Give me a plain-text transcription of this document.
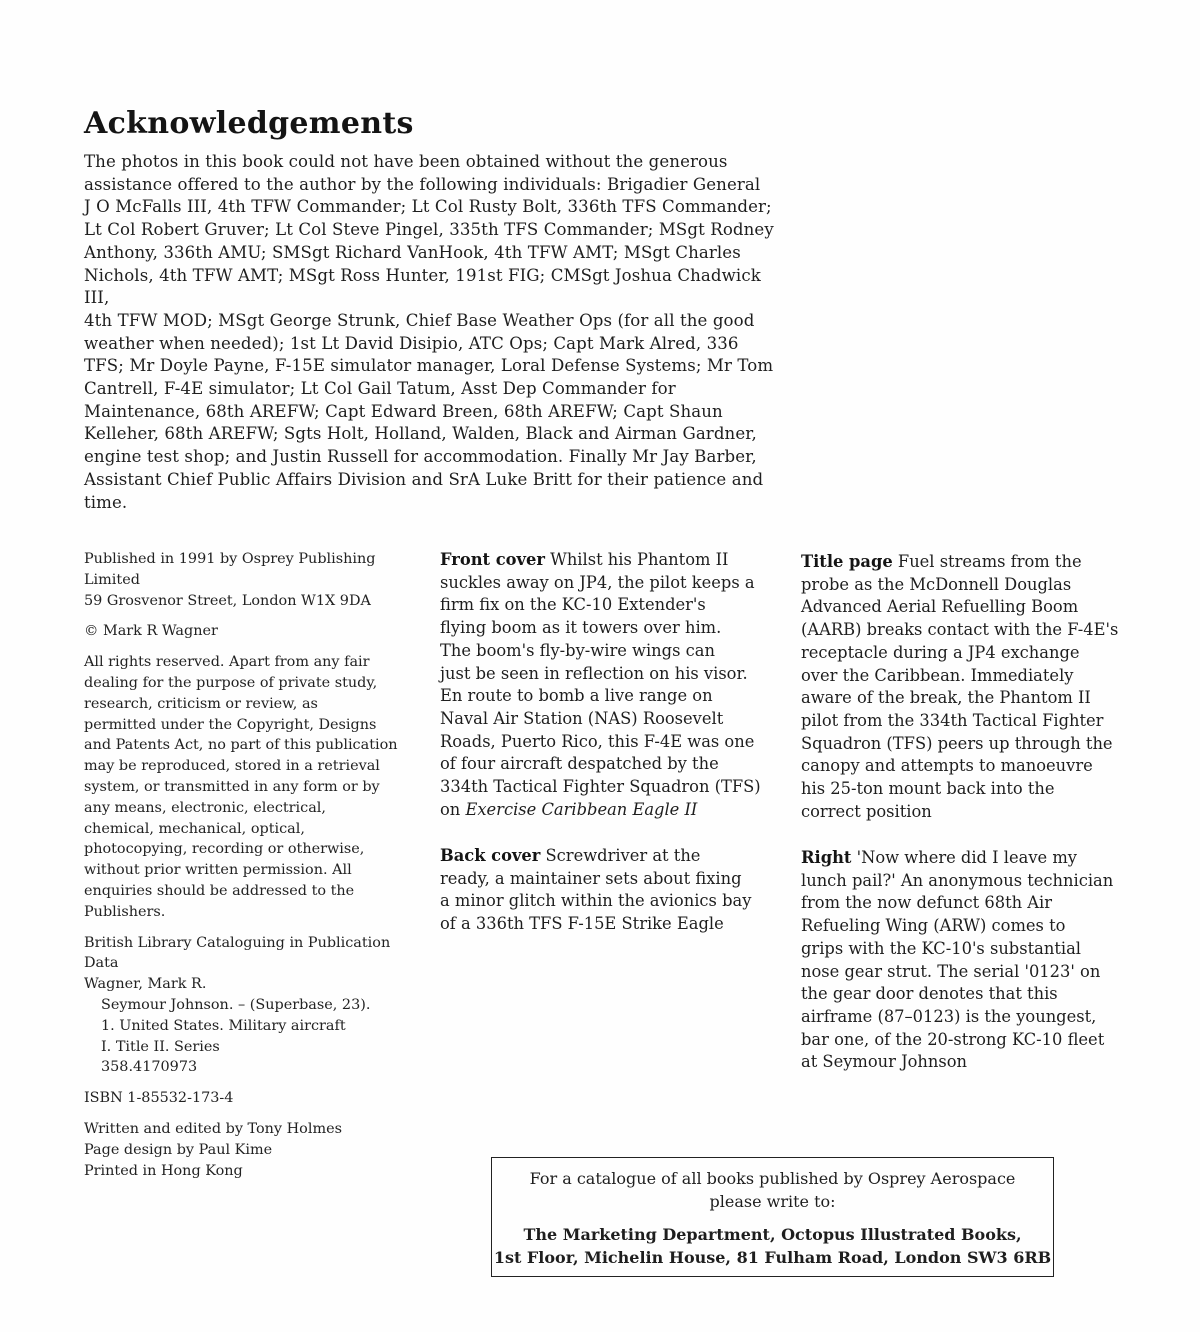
Acknowledgements
The photos in this book could not have been obtained without the generous
assistance offered to the author by the following individuals: Brigadier General
J O McFalls III, 4th TFW Commander; Lt Col Rusty Bolt, 336th TFS Commander;
Lt Col Robert Gruver; Lt Col Steve Pingel, 335th TFS Commander; MSgt Rodney
Anthony, 336th AMU; SMSgt Richard VanHook, 4th TFW AMT; MSgt Charles
Nichols, 4th TFW AMT; MSgt Ross Hunter, 191st FIG; CMSgt Joshua Chadwick III,
4th TFW MOD; MSgt George Strunk, Chief Base Weather Ops (for all the good
weather when needed); 1st Lt David Disipio, ATC Ops; Capt Mark Alred, 336
TFS; Mr Doyle Payne, F-15E simulator manager, Loral Defense Systems; Mr Tom
Cantrell, F-4E simulator; Lt Col Gail Tatum, Asst Dep Commander for
Maintenance, 68th AREFW; Capt Edward Breen, 68th AREFW; Capt Shaun
Kelleher, 68th AREFW; Sgts Holt, Holland, Walden, Black and Airman Gardner,
engine test shop; and Justin Russell for accommodation. Finally Mr Jay Barber,
Assistant Chief Public Affairs Division and SrA Luke Britt for their patience and
time.

Published in 1991 by Osprey Publishing
Limited
59 Grosvenor Street, London W1X 9DA

© Mark R Wagner

All rights reserved. Apart from any fair
dealing for the purpose of private study,
research, criticism or review, as
permitted under the Copyright, Designs
and Patents Act, no part of this publication
may be reproduced, stored in a retrieval
system, or transmitted in any form or by
any means, electronic, electrical,
chemical, mechanical, optical,
photocopying, recording or otherwise,
without prior written permission. All
enquiries should be addressed to the
Publishers.

British Library Cataloguing in Publication
Data
Wagner, Mark R.
Seymour Johnson. – (Superbase, 23).
1. United States. Military aircraft
I. Title II. Series
358.4170973

ISBN 1-85532-173-4

Written and edited by Tony Holmes
Page design by Paul Kime
Printed in Hong Kong

Front cover Whilst his Phantom II
suckles away on JP4, the pilot keeps a
firm fix on the KC-10 Extender's
flying boom as it towers over him.
The boom's fly-by-wire wings can
just be seen in reflection on his visor.
En route to bomb a live range on
Naval Air Station (NAS) Roosevelt
Roads, Puerto Rico, this F-4E was one
of four aircraft despatched by the
334th Tactical Fighter Squadron (TFS)
on Exercise Caribbean Eagle II

Back cover Screwdriver at the
ready, a maintainer sets about fixing
a minor glitch within the avionics bay
of a 336th TFS F-15E Strike Eagle

Title page Fuel streams from the
probe as the McDonnell Douglas
Advanced Aerial Refuelling Boom
(AARB) breaks contact with the F-4E's
receptacle during a JP4 exchange
over the Caribbean. Immediately
aware of the break, the Phantom II
pilot from the 334th Tactical Fighter
Squadron (TFS) peers up through the
canopy and attempts to manoeuvre
his 25-ton mount back into the
correct position

Right 'Now where did I leave my
lunch pail?' An anonymous technician
from the now defunct 68th Air
Refueling Wing (ARW) comes to
grips with the KC-10's substantial
nose gear strut. The serial '0123' on
the gear door denotes that this
airframe (87–0123) is the youngest,
bar one, of the 20-strong KC-10 fleet
at Seymour Johnson

For a catalogue of all books published by Osprey Aerospace
please write to:

The Marketing Department, Octopus Illustrated Books,
1st Floor, Michelin House, 81 Fulham Road, London SW3 6RB
